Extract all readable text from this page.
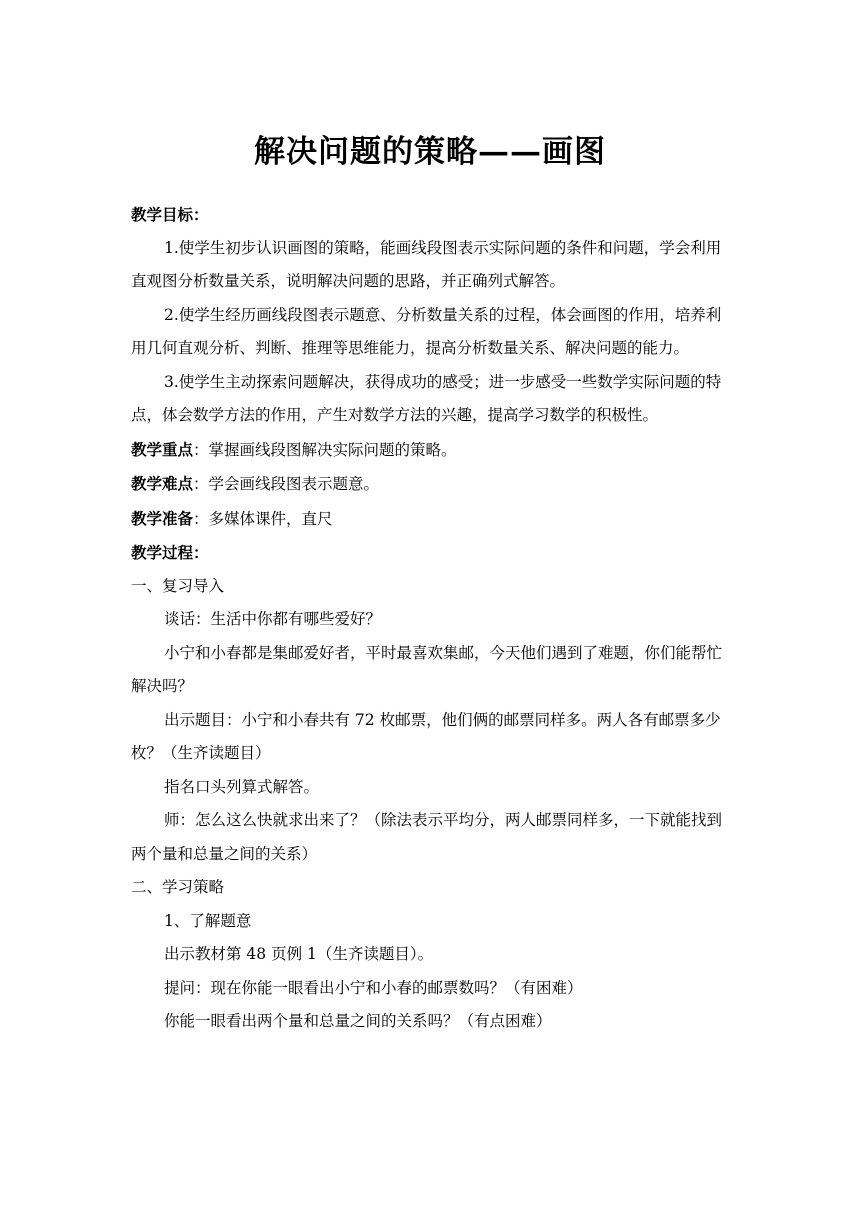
解决问题的策略——画图

教学目标：

1.使学生初步认识画图的策略，能画线段图表示实际问题的条件和问题，学会利用直观图分析数量关系，说明解决问题的思路，并正确列式解答。

2.使学生经历画线段图表示题意、分析数量关系的过程，体会画图的作用，培养利用几何直观分析、判断、推理等思维能力，提高分析数量关系、解决问题的能力。

3.使学生主动探索问题解决，获得成功的感受；进一步感受一些数学实际问题的特点，体会数学方法的作用，产生对数学方法的兴趣，提高学习数学的积极性。

教学重点：掌握画线段图解决实际问题的策略。

教学难点：学会画线段图表示题意。

教学准备：多媒体课件，直尺

教学过程：

一、复习导入

谈话：生活中你都有哪些爱好？

小宁和小春都是集邮爱好者，平时最喜欢集邮，今天他们遇到了难题，你们能帮忙解决吗？

出示题目：小宁和小春共有 72 枚邮票，他们俩的邮票同样多。两人各有邮票多少枚？（生齐读题目）

指名口头列算式解答。

师：怎么这么快就求出来了？（除法表示平均分，两人邮票同样多，一下就能找到两个量和总量之间的关系）

二、学习策略

1、了解题意

出示教材第 48 页例 1（生齐读题目）。

提问：现在你能一眼看出小宁和小春的邮票数吗？（有困难）

你能一眼看出两个量和总量之间的关系吗？（有点困难）
